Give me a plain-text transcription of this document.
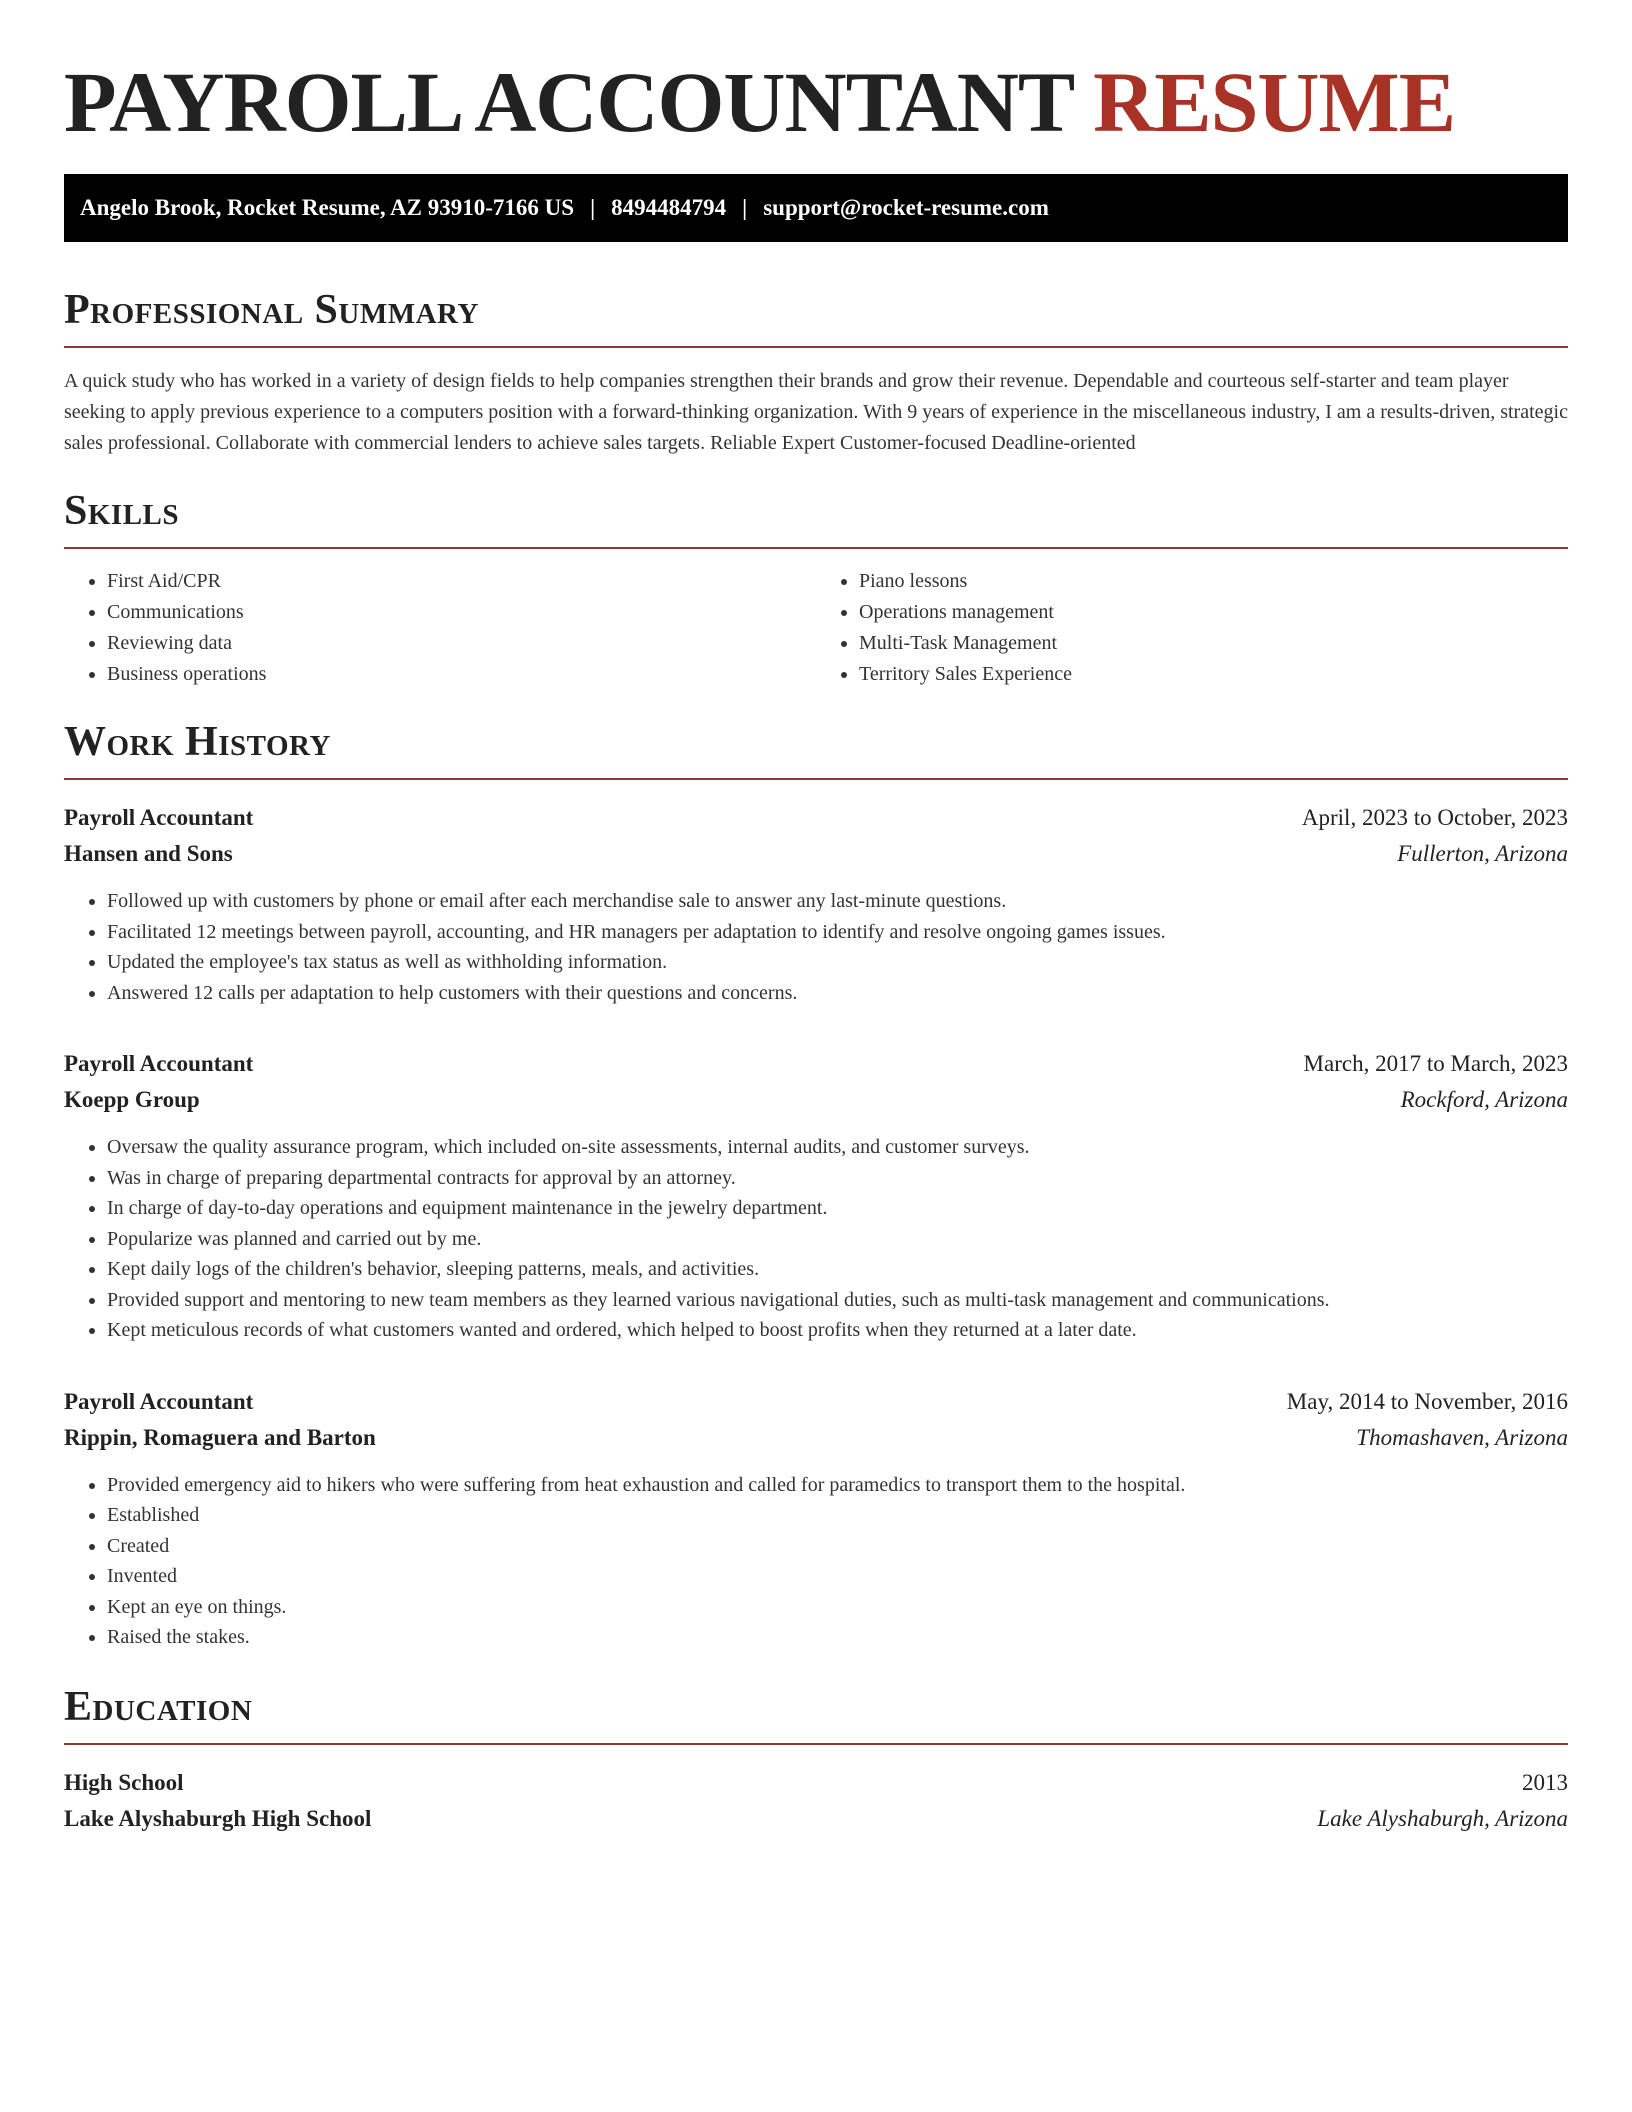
PAYROLL ACCOUNTANT RESUME
Angelo Brook, Rocket Resume, AZ 93910-7166 US | 8494484794 | support@rocket-resume.com
Professional Summary

A quick study who has worked in a variety of design fields to help companies strengthen their brands and grow their revenue. Dependable and courteous self-starter and team player seeking to apply previous experience to a computers position with a forward-thinking organization. With 9 years of experience in the miscellaneous industry, I am a results-driven, strategic sales professional. Collaborate with commercial lenders to achieve sales targets. Reliable Expert Customer-focused Deadline-oriented

Skills
• First Aid/CPR
• Communications
• Reviewing data
• Business operations
• Piano lessons
• Operations management
• Multi-Task Management
• Territory Sales Experience
Work History
Payroll Accountant	April, 2023 to October, 2023
Hansen and Sons	Fullerton, Arizona
• Followed up with customers by phone or email after each merchandise sale to answer any last-minute questions.
• Facilitated 12 meetings between payroll, accounting, and HR managers per adaptation to identify and resolve ongoing games issues.
• Updated the employee's tax status as well as withholding information.
• Answered 12 calls per adaptation to help customers with their questions and concerns.
Payroll Accountant	March, 2017 to March, 2023
Koepp Group	Rockford, Arizona
• Oversaw the quality assurance program, which included on-site assessments, internal audits, and customer surveys.
• Was in charge of preparing departmental contracts for approval by an attorney.
• In charge of day-to-day operations and equipment maintenance in the jewelry department.
• Popularize was planned and carried out by me.
• Kept daily logs of the children's behavior, sleeping patterns, meals, and activities.
• Provided support and mentoring to new team members as they learned various navigational duties, such as multi-task management and communications.
• Kept meticulous records of what customers wanted and ordered, which helped to boost profits when they returned at a later date.
Payroll Accountant	May, 2014 to November, 2016
Rippin, Romaguera and Barton	Thomashaven, Arizona
• Provided emergency aid to hikers who were suffering from heat exhaustion and called for paramedics to transport them to the hospital.
• Established
• Created
• Invented
• Kept an eye on things.
• Raised the stakes.
Education
High School	2013
Lake Alyshaburgh High School	Lake Alyshaburgh, Arizona
